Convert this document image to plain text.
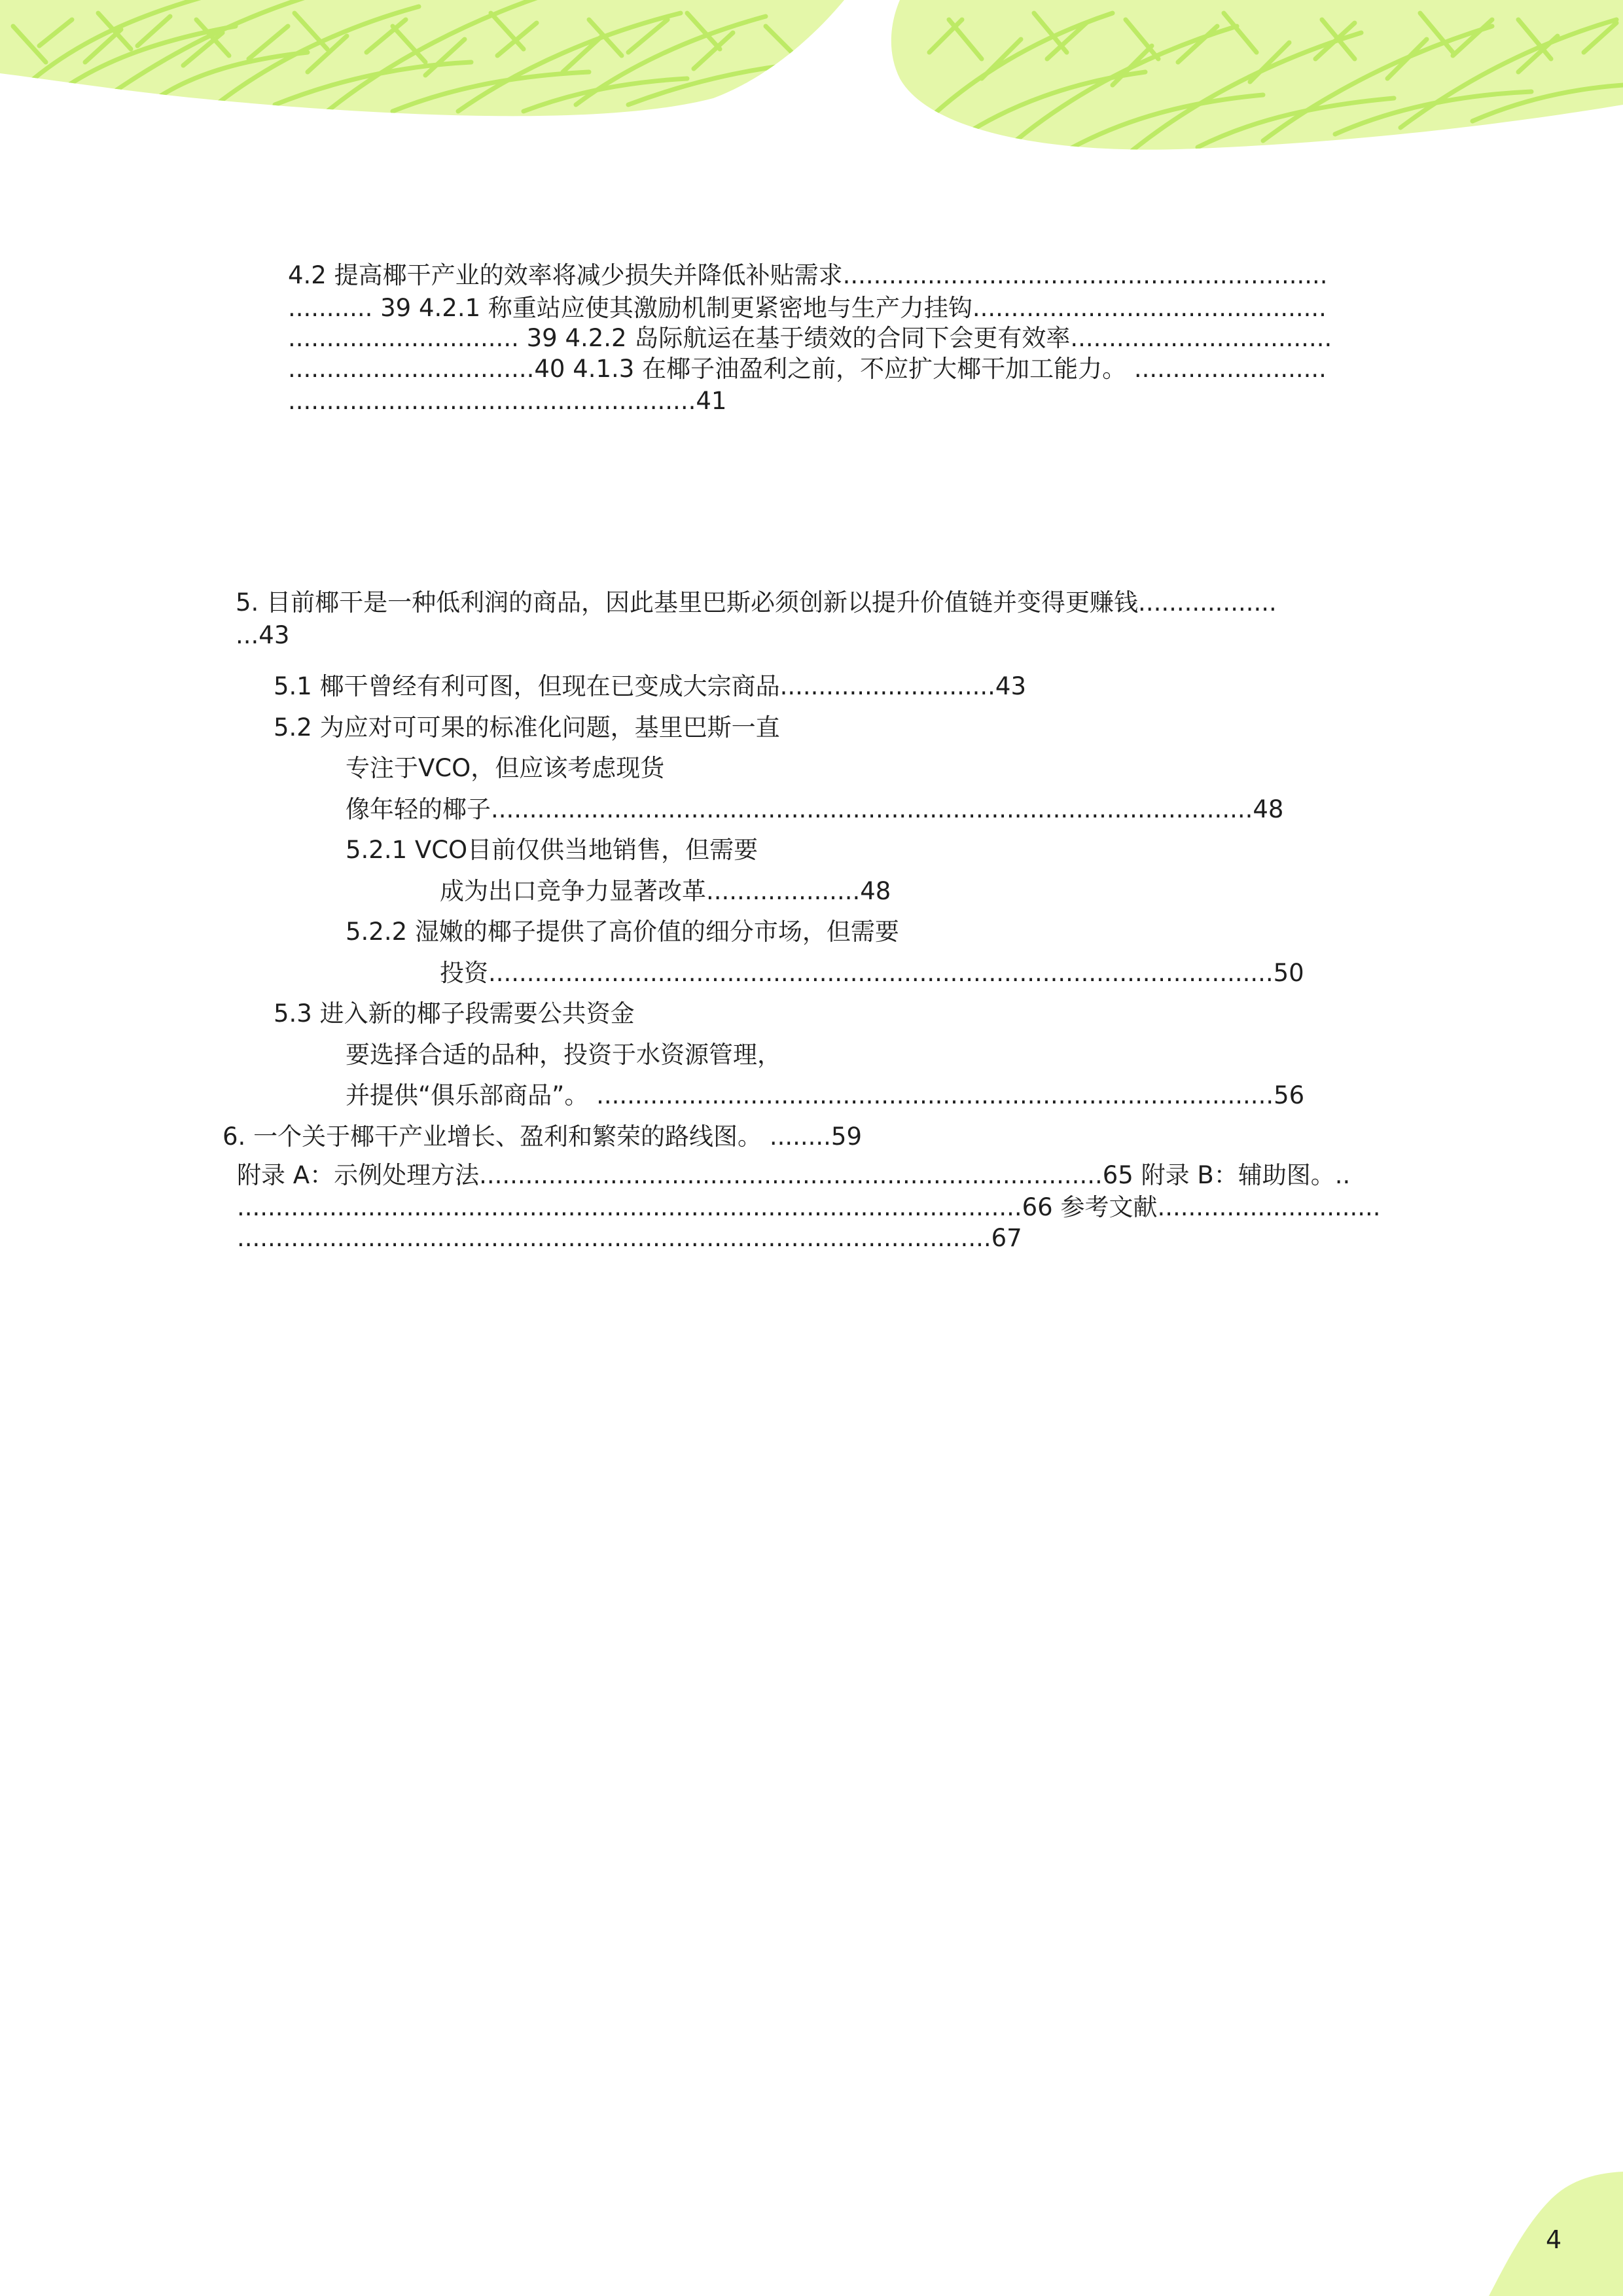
4.2 提高椰干产业的效率将减少损失并降低补贴需求...............................................................
........... 39 4.2.1 称重站应使其激励机制更紧密地与生产力挂钩..............................................
.............................. 39 4.2.2 岛际航运在基于绩效的合同下会更有效率..................................
................................40 4.1.3 在椰子油盈利之前，不应扩大椰干加工能力。 .........................
.....................................................41
5. 目前椰干是一种低利润的商品，因此基里巴斯必须创新以提升价值链并变得更赚钱..................
...43
5.1 椰干曾经有利可图，但现在已变成大宗商品............................43
5.2 为应对可可果的标准化问题，基里巴斯一直
专注于VCO，但应该考虑现货
像年轻的椰子...................................................................................................48
5.2.1 VCO目前仅供当地销售，但需要
成为出口竞争力显著改革....................48
5.2.2 湿嫩的椰子提供了高价值的细分市场，但需要
投资......................................................................................................50
5.3 进入新的椰子段需要公共资金
要选择合适的品种，投资于水资源管理，
并提供“俱乐部商品”。 ........................................................................................56
6. 一个关于椰干产业增长、盈利和繁荣的路线图。 ........59
附录 A：示例处理方法.................................................................................65 附录 B：辅助图。..
......................................................................................................66 参考文献.............................
..................................................................................................67
4
